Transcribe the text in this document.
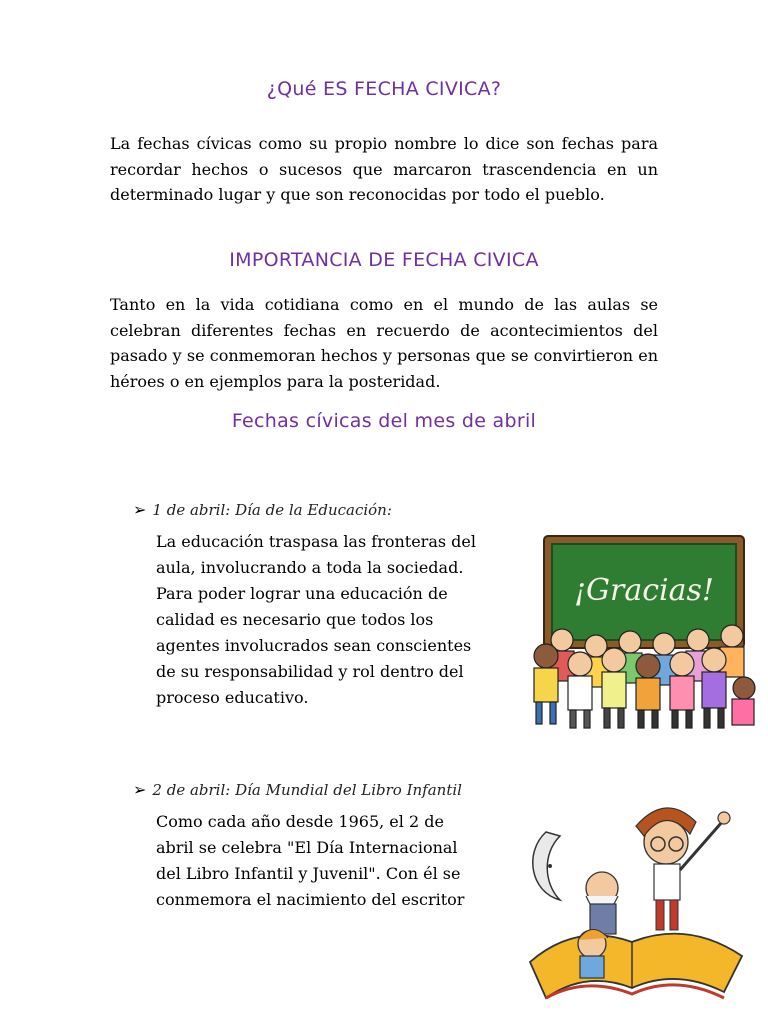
¿Qué ES FECHA CIVICA?

La fechas cívicas como su propio nombre lo dice son fechas para recordar hechos o sucesos que marcaron trascendencia en un determinado lugar y que son reconocidas por todo el pueblo.

IMPORTANCIA DE FECHA CIVICA

Tanto en la vida cotidiana como en el mundo de las aulas se celebran diferentes fechas en recuerdo de acontecimientos del pasado y se conmemoran hechos y personas que se convirtieron en héroes o en ejemplos para la posteridad.

Fechas cívicas del mes de abril
➢ 1 de abril: Día de la Educación:
La educación traspasa las fronteras del
aula, involucrando a toda la sociedad.
Para poder lograr una educación de
calidad es necesario que todos los
agentes involucrados sean conscientes
de su responsabilidad y rol dentro del
proceso educativo.
¡Gracias!
➢ 2 de abril: Día Mundial del Libro Infantil
Como cada año desde 1965, el 2 de
abril se celebra "El Día Internacional
del Libro Infantil y Juvenil". Con él se
conmemora el nacimiento del escritor
